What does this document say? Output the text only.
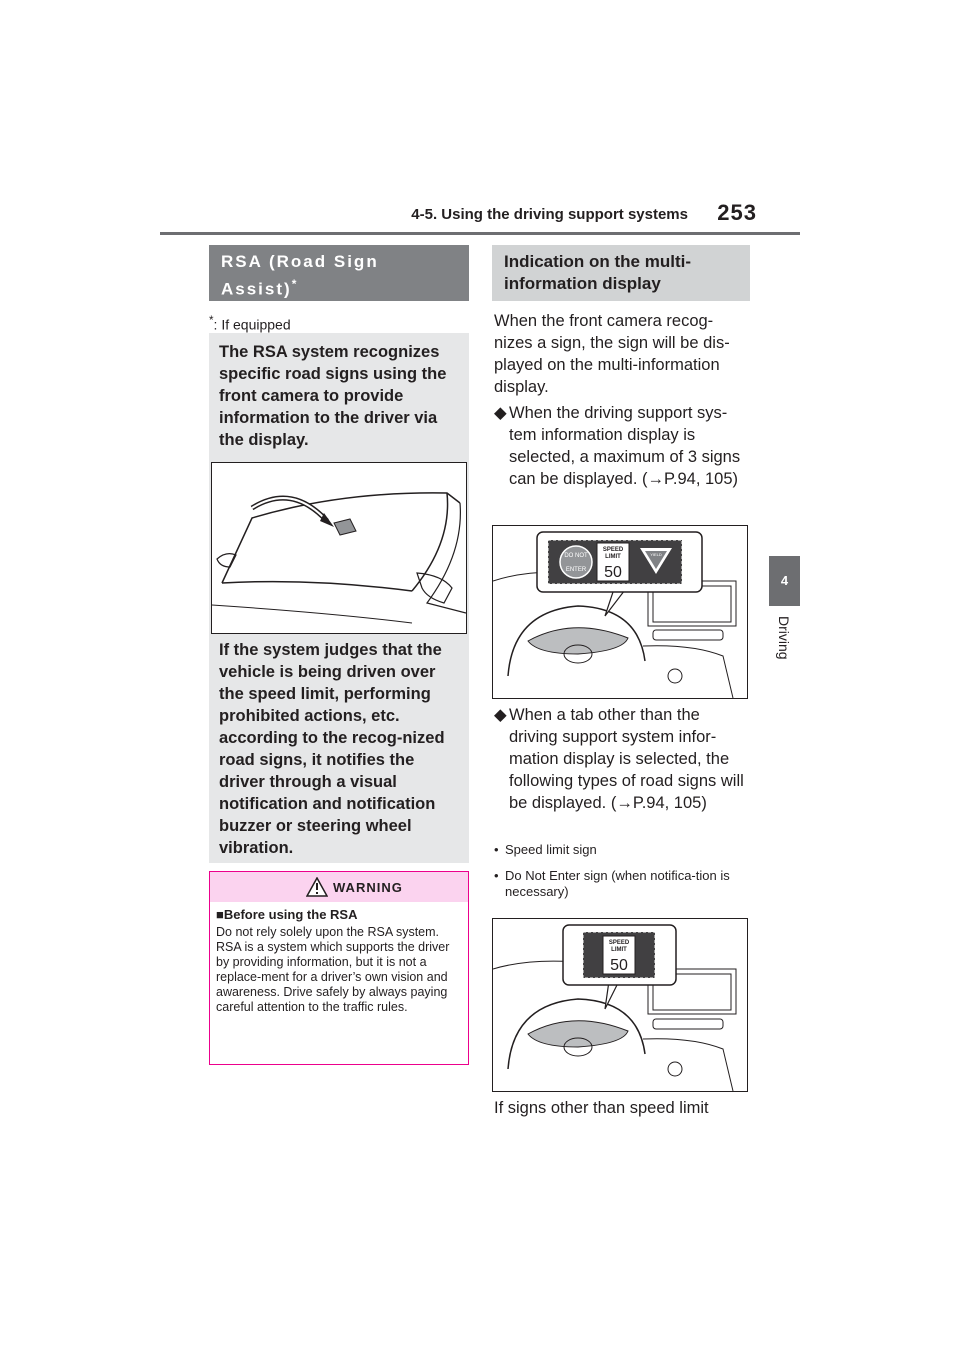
4-5. Using the driving support systems 253
4
Driving
RSA (Road Sign
Assist)*
*: If equipped
The RSA system recognizes specific road signs using the front camera to provide information to the driver via the display.
If the system judges that the vehicle is being driven over the speed limit, performing prohibited actions, etc. according to the recog-nized road signs, it notifies the driver through a visual notification and notification buzzer or steering wheel vibration.
WARNING
■Before using the RSA
Do not rely solely upon the RSA system. RSA is a system which supports the driver by providing information, but it is not a replace-ment for a driver’s own vision and awareness. Drive safely by always paying careful attention to the traffic rules.
Indication on the multi-
information display
When the front camera recog-nizes a sign, the sign will be dis-played on the multi-information display.
◆ When the driving support sys-tem information display is selected, a maximum of 3 signs can be displayed. (→P.94, 105)
DO NOT
ENTER
SPEED
LIMIT
50
YIELD
◆ When a tab other than the driving support system infor-mation display is selected, the following types of road signs will be displayed. (→P.94, 105)
• Speed limit sign
• Do Not Enter sign (when notifica-tion is necessary)
SPEED
LIMIT
50
If signs other than speed limit
